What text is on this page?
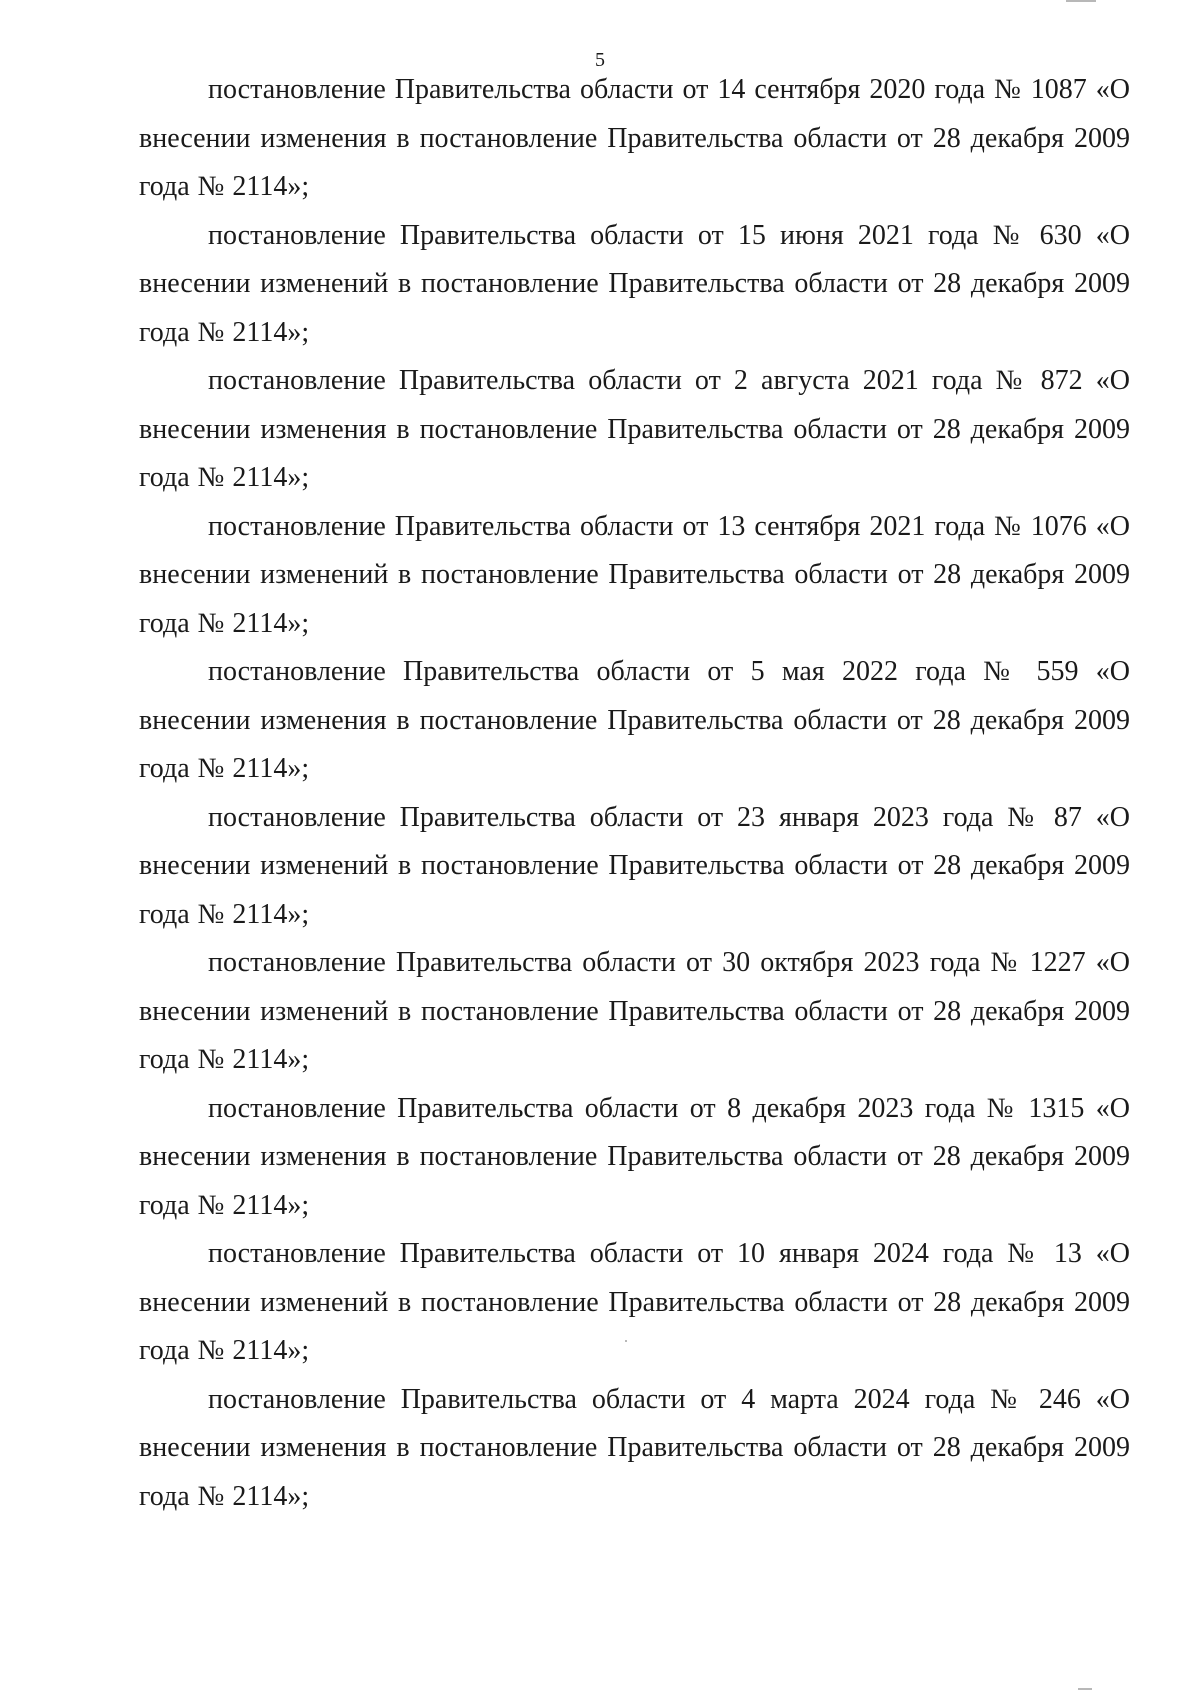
5

постановление Правительства области от 14 сентября 2020 года № 1087 «О внесении изменения в постановление Правительства области от 28 декабря 2009 года № 2114»;

постановление Правительства области от 15 июня 2021 года № 630 «О внесении изменений в постановление Правительства области от 28 декабря 2009 года № 2114»;

постановление Правительства области от 2 августа 2021 года № 872 «О внесении изменения в постановление Правительства области от 28 декабря 2009 года № 2114»;

постановление Правительства области от 13 сентября 2021 года № 1076 «О внесении изменений в постановление Правительства области от 28 декабря 2009 года № 2114»;

постановление Правительства области от 5 мая 2022 года № 559 «О внесении изменения в постановление Правительства области от 28 декабря 2009 года № 2114»;

постановление Правительства области от 23 января 2023 года № 87 «О внесении изменений в постановление Правительства области от 28 декабря 2009 года № 2114»;

постановление Правительства области от 30 октября 2023 года № 1227 «О внесении изменений в постановление Правительства области от 28 декабря 2009 года № 2114»;

постановление Правительства области от 8 декабря 2023 года № 1315 «О внесении изменения в постановление Правительства области от 28 декабря 2009 года № 2114»;

постановление Правительства области от 10 января 2024 года № 13 «О внесении изменений в постановление Правительства области от 28 декабря 2009 года № 2114»;

постановление Правительства области от 4 марта 2024 года № 246 «О внесении изменения в постановление Правительства области от 28 декабря 2009 года № 2114»;
